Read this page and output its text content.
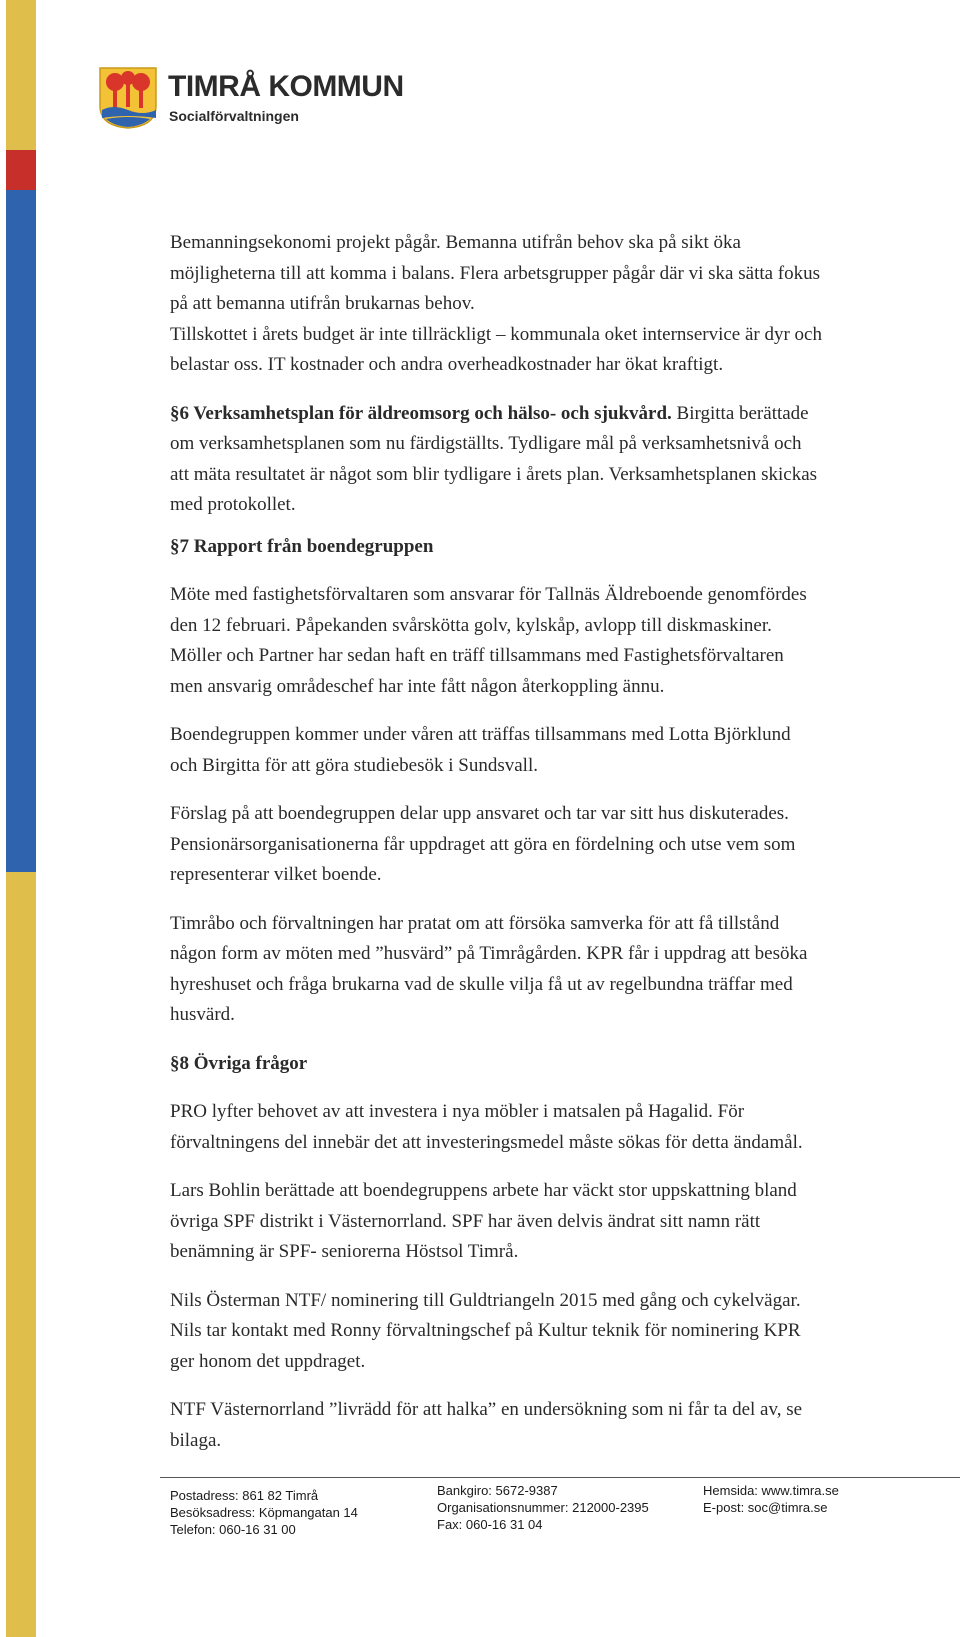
TIMRÅ KOMMUN
Socialförvaltningen

Bemanningsekonomi projekt pågår. Bemanna utifrån behov ska på sikt öka
möjligheterna till att komma i balans. Flera arbetsgrupper pågår där vi ska sätta fokus
på att bemanna utifrån brukarnas behov.
Tillskottet i årets budget är inte tillräckligt – kommunala oket internservice är dyr och
belastar oss. IT kostnader och andra overheadkostnader har ökat kraftigt.

§6 Verksamhetsplan för äldreomsorg och hälso- och sjukvård. Birgitta berättade
om verksamhetsplanen som nu färdigställts. Tydligare mål på verksamhetsnivå och
att mäta resultatet är något som blir tydligare i årets plan. Verksamhetsplanen skickas
med protokollet.

§7 Rapport från boendegruppen

Möte med fastighetsförvaltaren som ansvarar för Tallnäs Äldreboende genomfördes
den 12 februari. Påpekanden svårskötta golv, kylskåp, avlopp till diskmaskiner.
Möller och Partner har sedan haft en träff tillsammans med Fastighetsförvaltaren
men ansvarig områdeschef har inte fått någon återkoppling ännu.

Boendegruppen kommer under våren att träffas tillsammans med Lotta Björklund
och Birgitta för att göra studiebesök i Sundsvall.

Förslag på att boendegruppen delar upp ansvaret och tar var sitt hus diskuterades.
Pensionärsorganisationerna får uppdraget att göra en fördelning och utse vem som
representerar vilket boende.

Timråbo och förvaltningen har pratat om att försöka samverka för att få tillstånd
någon form av möten med ”husvärd” på Timrågården. KPR får i uppdrag att besöka
hyreshuset och fråga brukarna vad de skulle vilja få ut av regelbundna träffar med
husvärd.

§8 Övriga frågor

PRO lyfter behovet av att investera i nya möbler i matsalen på Hagalid. För
förvaltningens del innebär det att investeringsmedel måste sökas för detta ändamål.

Lars Bohlin berättade att boendegruppens arbete har väckt stor uppskattning bland
övriga SPF distrikt i Västernorrland. SPF har även delvis ändrat sitt namn rätt
benämning är SPF- seniorerna Höstsol Timrå.

Nils Österman NTF/ nominering till Guldtriangeln 2015 med gång och cykelvägar.
Nils tar kontakt med Ronny förvaltningschef på Kultur teknik för nominering KPR
ger honom det uppdraget.

NTF Västernorrland ”livrädd för att halka” en undersökning som ni får ta del av, se
bilaga.

Postadress: 861 82 Timrå
Besöksadress: Köpmangatan 14
Telefon: 060-16 31 00
Bankgiro: 5672-9387
Organisationsnummer: 212000-2395
Fax: 060-16 31 04
Hemsida: www.timra.se
E-post: soc@timra.se
